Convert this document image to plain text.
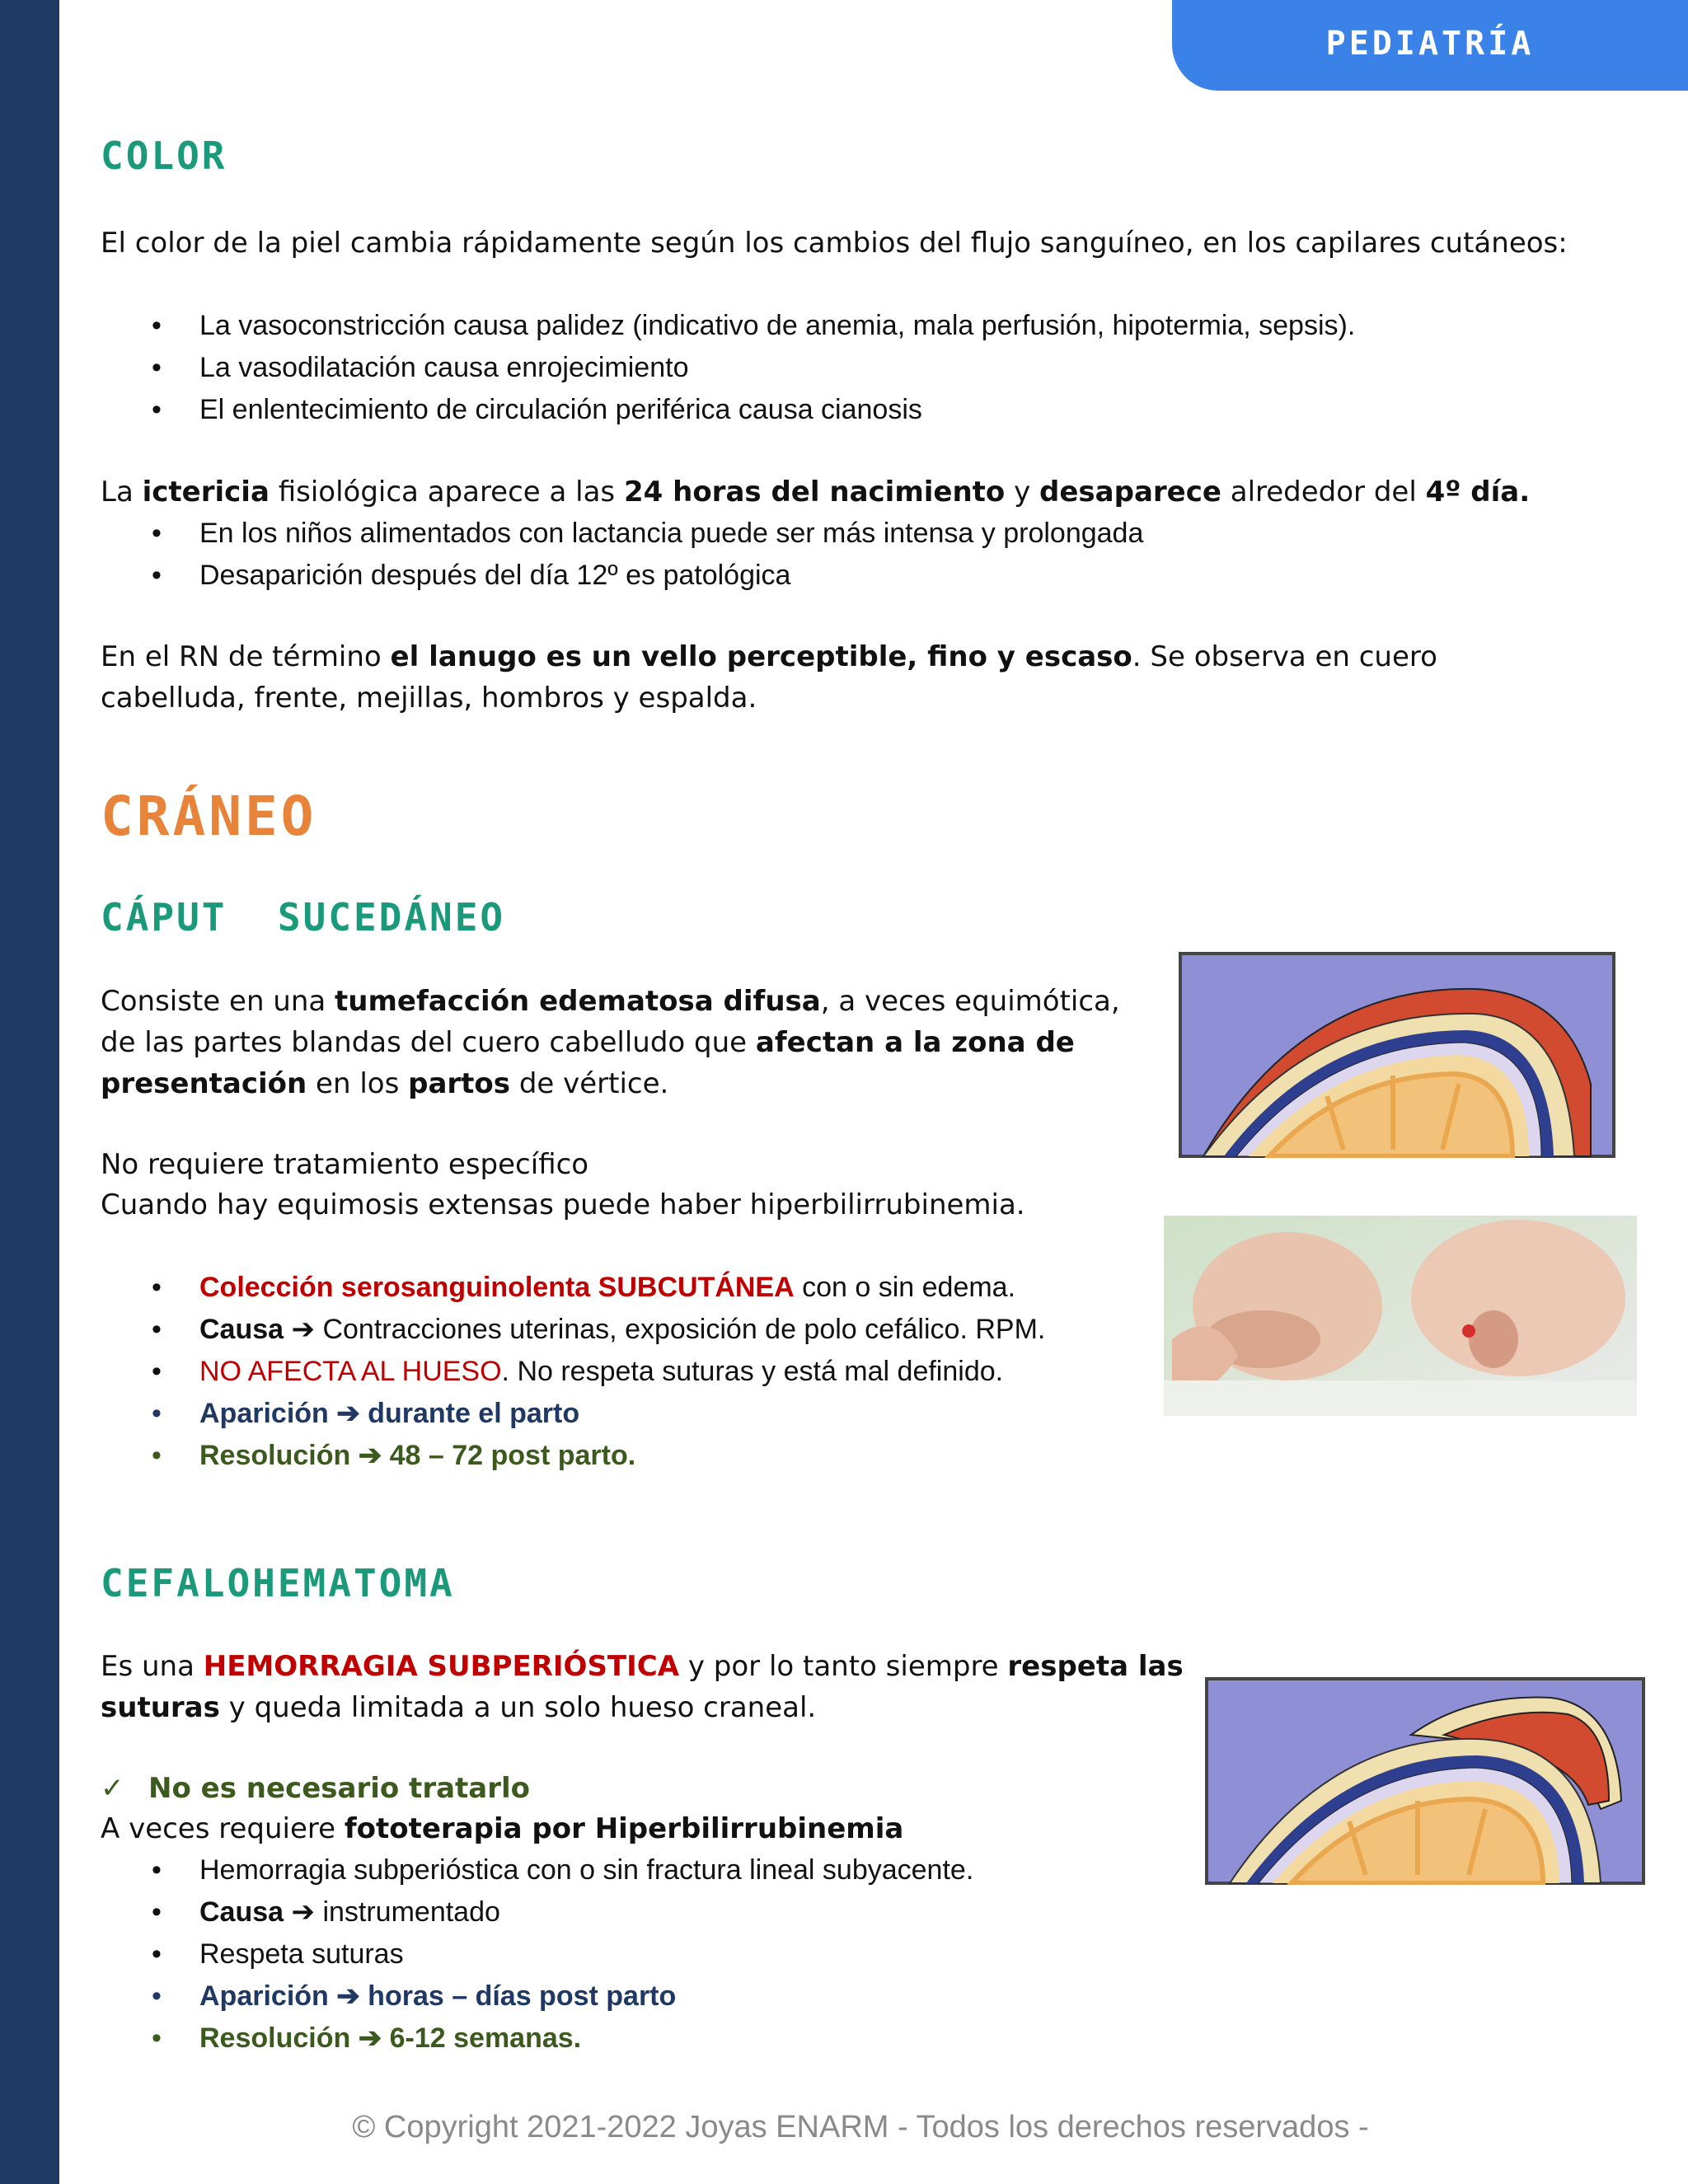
J
O
Y
A
S
E
N
A
R
M
PEDIATRÍA
COLOR
El color de la piel cambia rápidamente según los cambios del flujo sanguíneo, en los capilares cutáneos:
• La vasoconstricción causa palidez (indicativo de anemia, mala perfusión, hipotermia, sepsis).
• La vasodilatación causa enrojecimiento
• El enlentecimiento de circulación periférica causa cianosis
La ictericia fisiológica aparece a las 24 horas del nacimiento y desaparece alrededor del 4º día.
• En los niños alimentados con lactancia puede ser más intensa y prolongada
• Desaparición después del día 12º es patológica
En el RN de término el lanugo es un vello perceptible, fino y escaso. Se observa en cuero cabelluda, frente, mejillas, hombros y espalda.
CRÁNEO
CÁPUT  SUCEDÁNEO
Consiste en una tumefacción edematosa difusa, a veces equimótica, de las partes blandas del cuero cabelludo que afectan a la zona de presentación en los partos de vértice.
No requiere tratamiento específico
Cuando hay equimosis extensas puede haber hiperbilirrubinemia.
• Colección serosanguinolenta SUBCUTÁNEA con o sin edema.
• Causa ➔ Contracciones uterinas, exposición de polo cefálico. RPM.
• NO AFECTA AL HUESO. No respeta suturas y está mal definido.
• Aparición ➔ durante el parto
• Resolución ➔ 48 – 72 post parto.
CEFALOHEMATOMA
Es una HEMORRAGIA SUBPERIÓSTICA y por lo tanto siempre respeta las suturas y queda limitada a un solo hueso craneal.
✓ No es necesario tratarlo
A veces requiere fototerapia por Hiperbilirrubinemia
• Hemorragia subperióstica con o sin fractura lineal subyacente.
• Causa ➔ instrumentado
• Respeta suturas
• Aparición ➔ horas – días post parto
• Resolución ➔ 6-12 semanas.
© Copyright 2021-2022 Joyas ENARM - Todos los derechos reservados -
